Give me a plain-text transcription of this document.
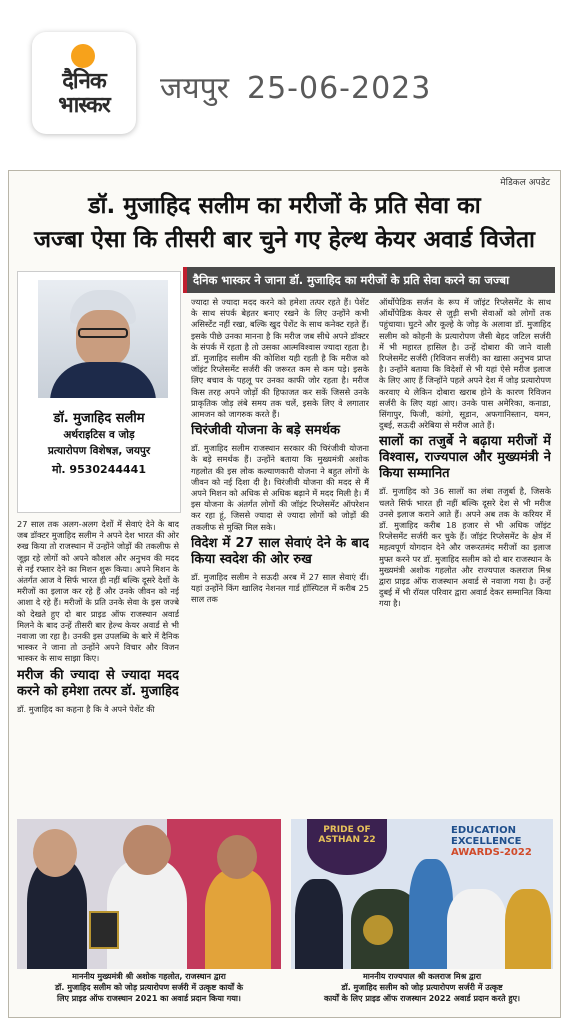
दैनिक
भास्कर	जयपुर 25-06-2023
मेडिकल अपडेट
डॉ. मुजाहिद सलीम का मरीजों के प्रति सेवा का
जज्बा ऐसा कि तीसरी बार चुने गए हेल्थ केयर अवार्ड विजेता
दैनिक भास्कर ने जाना डॉ. मुजाहिद का मरीजों के प्रति सेवा करने का जज्बा
डॉ. मुजाहिद सलीम
अर्थराइटिस व जोड़
प्रत्यारोपण विशेषज्ञ, जयपुर
मो. 9530244441

27 साल तक अलग-अलग देशों में सेवाएं देने के बाद जब डॉक्टर मुजाहिद सलीम ने अपने देश भारत की ओर रुख किया तो राजस्थान में उन्होंने जोड़ों की तकलीफ से जूझ रहे लोगों को अपने कौशल और अनुभव की मदद से नई रफ्तार देने का मिशन शुरू किया। अपने मिशन के अंतर्गत आज वे सिर्फ भारत ही नहीं बल्कि दूसरे देशों के मरीजों का इलाज कर रहे हैं और उनके जीवन को नई आशा दे रहे हैं। मरीजों के प्रति उनके सेवा के इस जज्बे को देखते हुए दो बार प्राइड ऑफ राजस्थान अवार्ड मिलने के बाद उन्हें तीसरी बार हेल्थ केयर अवार्ड से भी नवाजा जा रहा है। उनकी इस उपलब्धि के बारे में दैनिक भास्कर ने जाना तो उन्होंने अपने विचार और विजन भास्कर के साथ साझा किए।

मरीज की ज्यादा से ज्यादा मदद करने को हमेशा तत्पर डॉ. मुजाहिद

डॉ. मुजाहिद का कहना है कि वे अपने पेशेंट की

ज्यादा से ज्यादा मदद करने को हमेशा तत्पर रहते हैं। पेशेंट के साथ संपर्क बेहतर बनाए रखने के लिए उन्होंने कभी असिस्टेंट नहीं रखा, बल्कि खुद पेशेंट के साथ कनेक्ट रहते हैं। इसके पीछे उनका मानना है कि मरीज जब सीधे अपने डॉक्टर के संपर्क में रहता है तो उसका आत्मविश्वास ज्यादा रहता है। डॉ. मुजाहिद सलीम की कोशिश यही रहती है कि मरीज को जॉइंट रिप्लेसमेंट सर्जरी की जरूरत कम से कम पड़े। इसके लिए बचाव के पहलू पर उनका काफी जोर रहता है। मरीज किस तरह अपने जोड़ों की हिफाजत कर सकें जिससे उनके प्राकृतिक जोड़ लंबे समय तक चलें, इसके लिए वे लगातार आमजन को जागरुक करते हैं।

चिरंजीवी योजना के बड़े समर्थक

डॉ. मुजाहिद सलीम राजस्थान सरकार की चिरंजीवी योजना के बड़े समर्थक हैं। उन्होंने बताया कि मुख्यमंत्री अशोक गहलोत की इस लोक कल्याणकारी योजना ने बहुत लोगों के जीवन को नई दिशा दी है। चिरंजीवी योजना की मदद से मैं अपने मिशन को अधिक से अधिक बढ़ाने में मदद मिली है। मैं इस योजना के अंतर्गत लोगों की जॉइंट रिप्लेसमेंट ऑपरेशन कर रहा हूं, जिससे ज्यादा से ज्यादा लोगों को जोड़ों की तकलीफ से मुक्ति मिल सके।

विदेश में 27 साल सेवाएं देने के बाद किया स्वदेश की ओर रुख

डॉ. मुजाहिद सलीम ने सऊदी अरब में 27 साल सेवाएं दीं। यहां उन्होंने किंग खालिद नेशनल गार्ड हॉस्पिटल में करीब 25 साल तक

ऑर्थोपेडिक सर्जन के रूप में जॉइंट रिप्लेसमेंट के साथ ऑर्थोपेडिक केयर से जुड़ी सभी सेवाओं को लोगों तक पहुंचाया। घुटने और कूल्हे के जोड़ के अलावा डॉ. मुजाहिद सलीम को कोहनी के प्रत्यारोपण जैसी बेहद जटिल सर्जरी में भी महारत हासिल है। उन्हें दोबारा की जाने वाली रिप्लेसमेंट सर्जरी (रिविजन सर्जरी) का खासा अनुभव प्राप्त है। उन्होंने बताया कि विदेशों से भी यहां ऐसे मरीज इलाज के लिए आए हैं जिन्होंने पहले अपने देश में जोड़ प्रत्यारोपण करवाए थे लेकिन दोबारा खराब होने के कारण रिविजन सर्जरी के लिए यहां आए। उनके पास अमेरिका, कनाडा, सिंगापुर, फिजी, कांगो, सूडान, अफगानिस्तान, यमन, दुबई, सऊदी अरेबिया से मरीज आते हैं।

सालों का तजुर्बे ने बढ़ाया मरीजों में विश्वास, राज्यपाल और मुख्यमंत्री ने किया सम्मानित

डॉ. मुजाहिद को 36 सालों का लंबा तजुर्बा है, जिसके चलते सिर्फ भारत ही नहीं बल्कि दूसरे देश से भी मरीज उनसे इलाज कराने आते हैं। अपने अब तक के करियर में डॉ. मुजाहिद करीब 18 हजार से भी अधिक जॉइंट रिप्लेसमेंट सर्जरी कर चुके हैं। जॉइंट रिप्लेसमेंट के क्षेत्र में महत्वपूर्ण योगदान देने और जरूरतमंद मरीजों का इलाज मुफ्त करने पर डॉ. मुजाहिद सलीम को दो बार राजस्थान के मुख्यमंत्री अशोक गहलोत और राज्यपाल कलराज मिश्र द्वारा प्राइड ऑफ राजस्थान अवार्ड से नवाजा गया है। उन्हें दुबई में भी रॉयल परिवार द्वारा अवार्ड देकर सम्मानित किया गया है।

माननीय मुख्यमंत्री श्री अशोक गहलोत, राजस्थान द्वारा
डॉ. मुजाहिद सलीम को जोड़ प्रत्यारोपण सर्जरी में उत्कृष्ट कार्यों के
लिए प्राइड ऑफ राजस्थान 2021 का अवार्ड प्रदान किया गया।
PRIDE OF
ASTHAN 22
EDUCATION
EXCELLENCE
AWARDS-2022
माननीय राज्यपाल श्री कलराज मिश्र द्वारा
डॉ. मुजाहिद सलीम को जोड़ प्रत्यारोपण सर्जरी में उत्कृष्ट
कार्यों के लिए प्राइड ऑफ राजस्थान 2022 अवार्ड प्रदान करते हुए।
